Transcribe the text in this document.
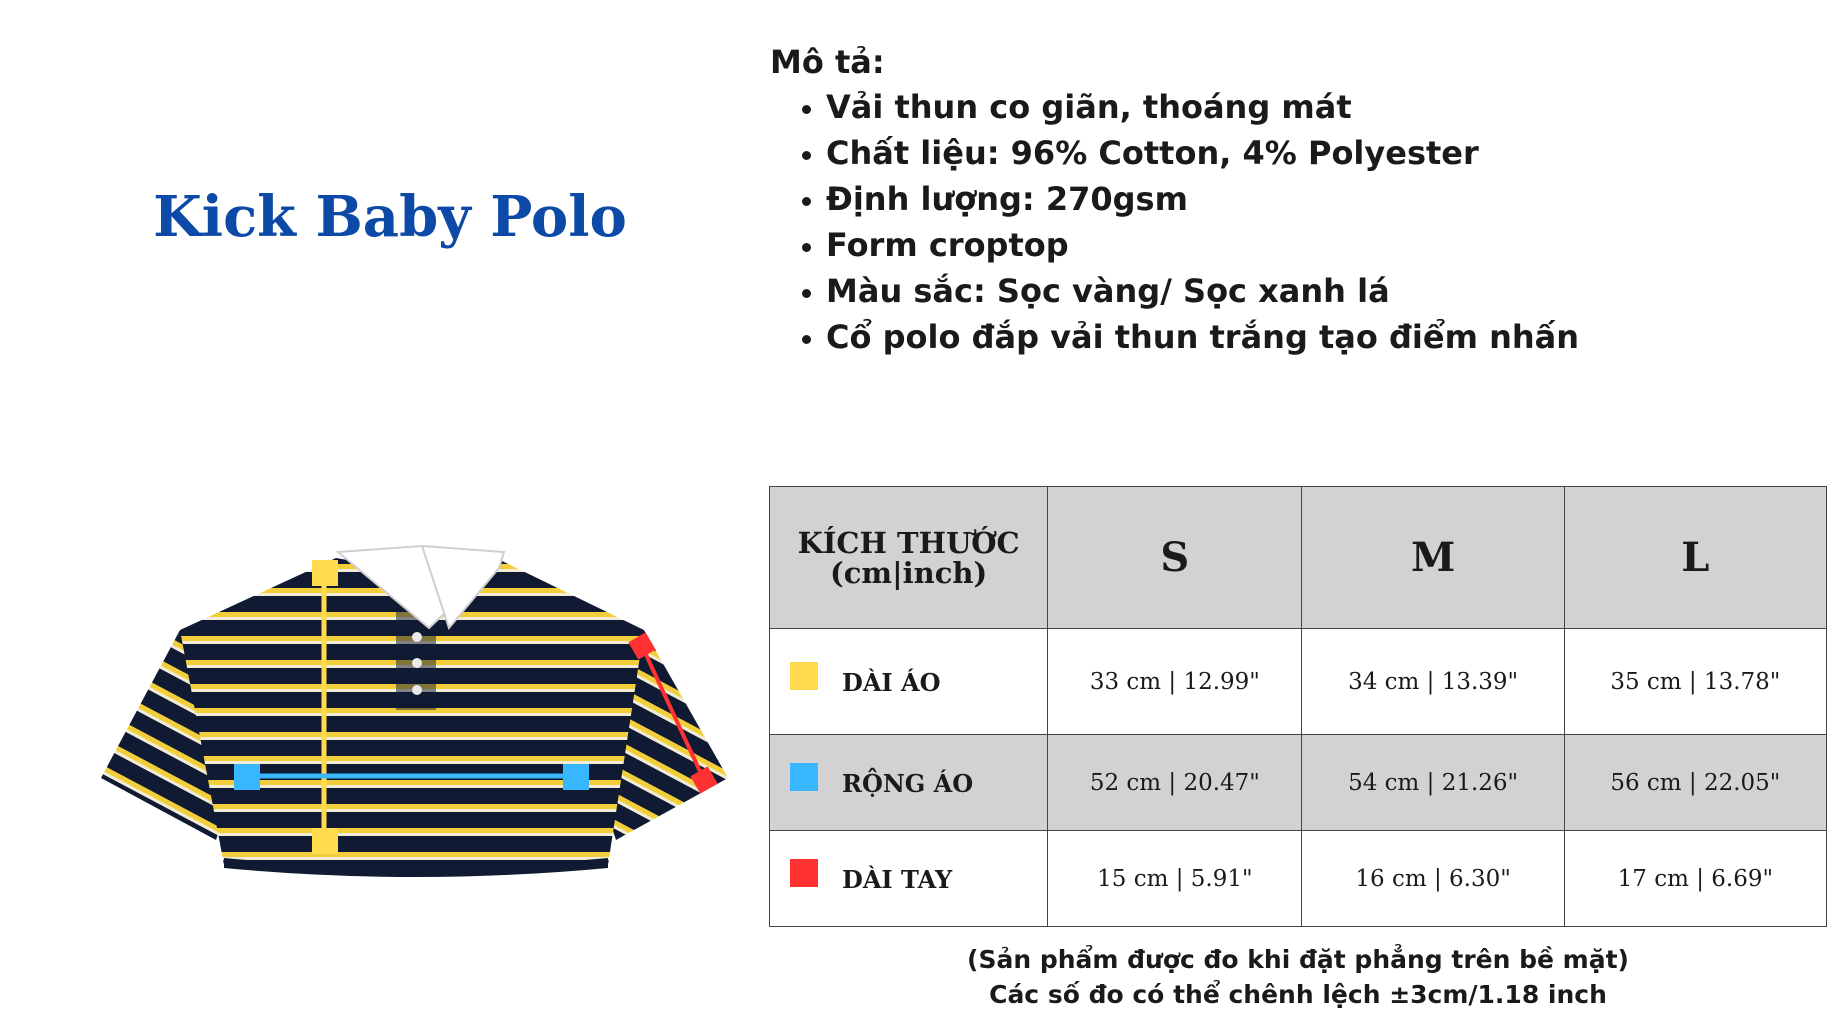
Kick Baby Polo
Mô tả:
• Vải thun co giãn, thoáng mát
• Chất liệu: 96% Cotton, 4% Polyester
• Định lượng: 270gsm
• Form croptop
• Màu sắc: Sọc vàng/ Sọc xanh lá
• Cổ polo đắp vải thun trắng tạo điểm nhấn
KÍCH THƯỚC
(cm|inch)	S	M	L

DÀI ÁO	33 cm | 12.99"	34 cm | 13.39"	35 cm | 13.78"

RỘNG ÁO	52 cm | 20.47"	54 cm | 21.26"	56 cm | 22.05"

DÀI TAY	15 cm | 5.91"	16 cm | 6.30"	17 cm | 6.69"
(Sản phẩm được đo khi đặt phẳng trên bề mặt)
Các số đo có thể chênh lệch ±3cm/1.18 inch
